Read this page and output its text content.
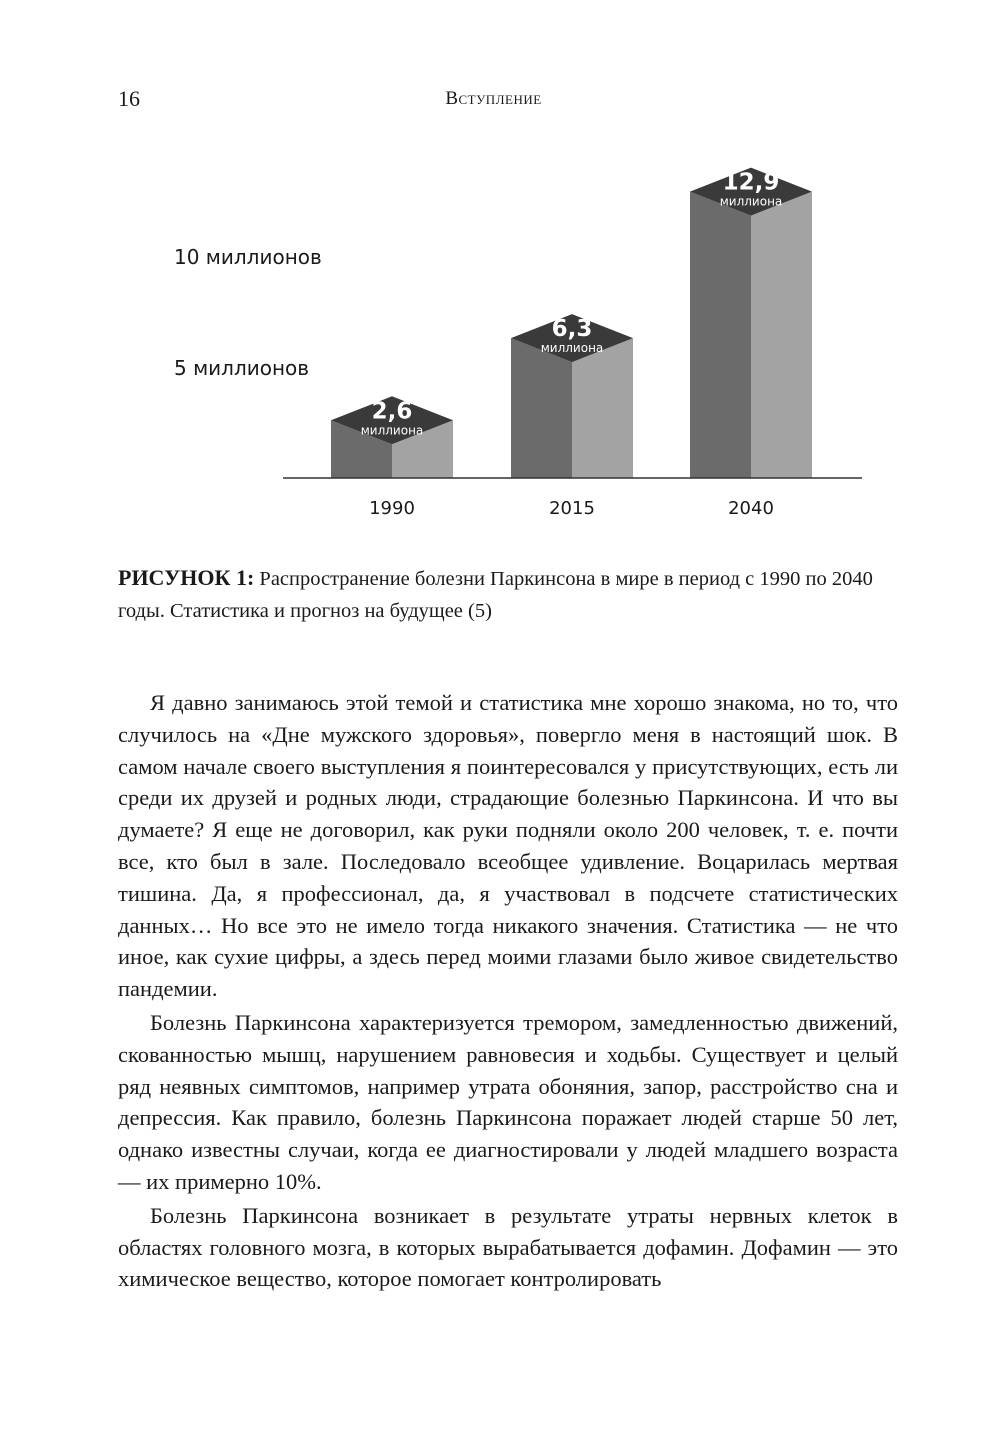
16	Вступление
10 миллионов
5 миллионов
2,6
миллиона
1990
6,3
миллиона
2015
12,9
миллиона
2040
РИСУНОК 1: Распространение болезни Паркинсона в мире в период с 1990 по 2040 годы. Статистика и прогноз на будущее (5)

Я давно занимаюсь этой темой и статистика мне хорошо знакома, но то, что случилось на «Дне мужского здоровья», повергло меня в настоящий шок. В самом начале своего выступления я поинтересовался у присутствующих, есть ли среди их друзей и родных люди, страдающие болезнью Паркинсона. И что вы думаете? Я еще не договорил, как руки подняли около 200 человек, т. е. почти все, кто был в зале. Последовало всеобщее удивление. Воцарилась мертвая тишина. Да, я профессионал, да, я участвовал в подсчете статистических данных… Но все это не имело тогда никакого значения. Статистика — не что иное, как сухие цифры, а здесь перед моими глазами было живое свидетельство пандемии.

Болезнь Паркинсона характеризуется тремором, замедленностью движений, скованностью мышц, нарушением равновесия и ходьбы. Существует и целый ряд неявных симптомов, например утрата обоняния, запор, расстройство сна и депрессия. Как правило, болезнь Паркинсона поражает людей старше 50 лет, однако известны случаи, когда ее диагностировали у людей младшего возраста — их примерно 10%.

Болезнь Паркинсона возникает в результате утраты нервных клеток в областях головного мозга, в которых вырабатывается дофамин. Дофамин — это химическое вещество, которое помогает контролировать
